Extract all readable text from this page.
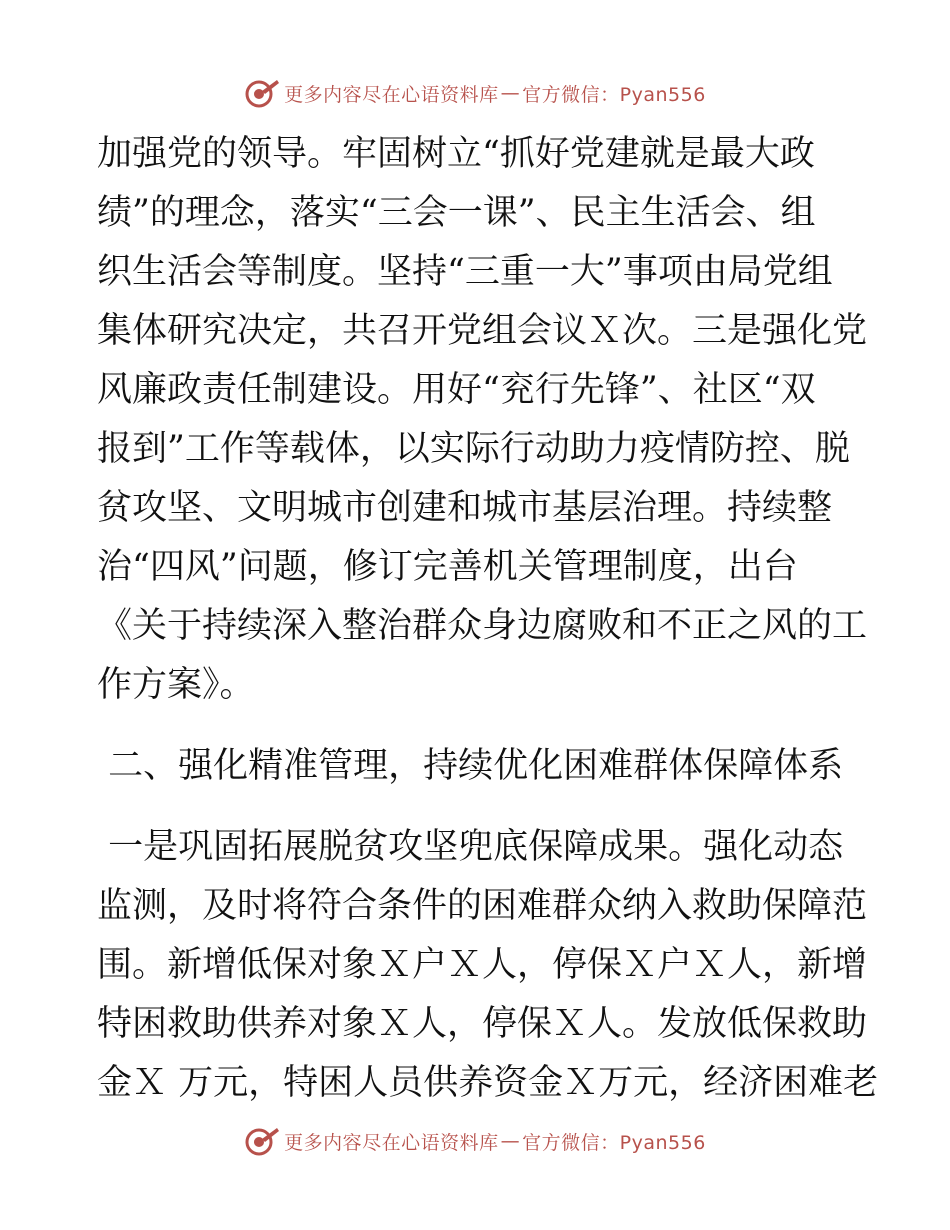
更多内容尽在心语资料库 — 官方微信：Pyan556
加强党的领导。牢固树立“抓好党建就是最大政
绩”的理念，落实“三会一课”、民主生活会、组
织生活会等制度。坚持“三重一大”事项由局党组
集体研究决定，共召开党组会议Ｘ次。三是强化党
风廉政责任制建设。用好“兖行先锋”、社区“双
报到”工作等载体，以实际行动助力疫情防控、脱
贫攻坚、文明城市创建和城市基层治理。持续整
治“四风”问题，修订完善机关管理制度，出台
《关于持续深入整治群众身边腐败和不正之风的工
作方案》。
二、强化精准管理，持续优化困难群体保障体系
一是巩固拓展脱贫攻坚兜底保障成果。强化动态
监测，及时将符合条件的困难群众纳入救助保障范
围。新增低保对象Ｘ户Ｘ人，停保Ｘ户Ｘ人，新增
特困救助供养对象Ｘ人，停保Ｘ人。发放低保救助
金Ｘ 万元，特困人员供养资金Ｘ万元，经济困难老
更多内容尽在心语资料库 — 官方微信：Pyan556
